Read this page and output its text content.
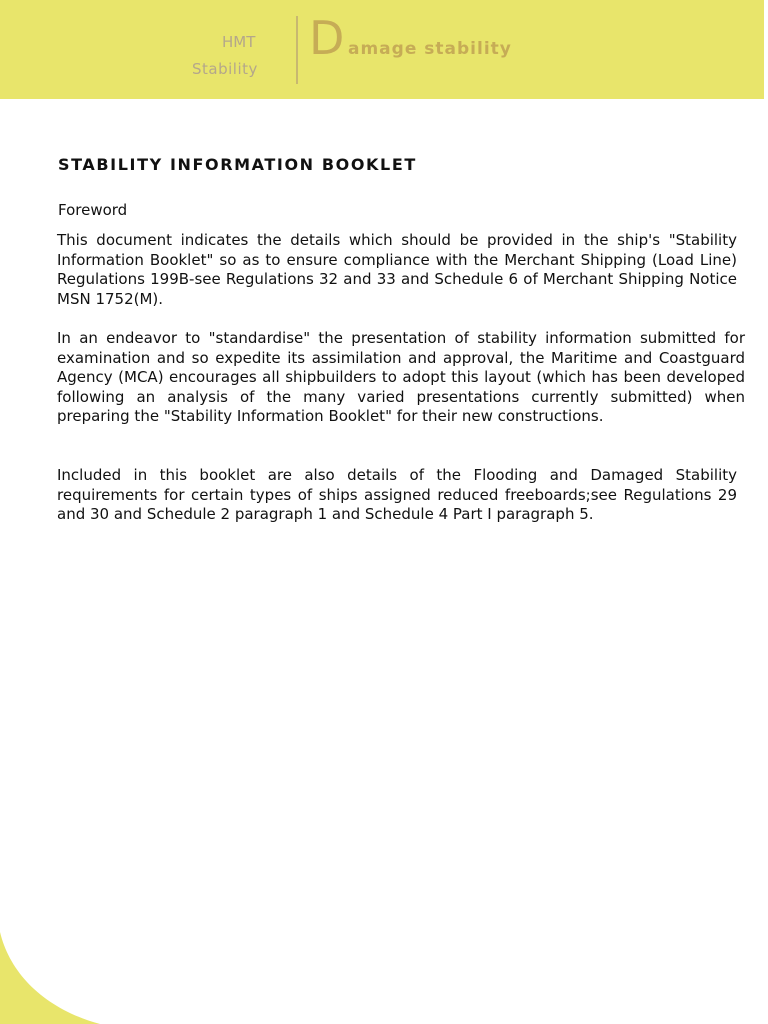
HMT
Stability
D amage stability
STABILITY INFORMATION BOOKLET
Foreword
This document indicates the details which should be provided in the ship's "Stability Information Booklet" so as to ensure compliance with the Merchant Shipping (Load Line) Regulations 199B-see Regulations 32 and 33 and Schedule 6 of Merchant Shipping Notice MSN 1752(M).
In an endeavor to "standardise" the presentation of stability information submitted for examination and so expedite its assimilation and approval, the Maritime and Coastguard Agency (MCA) encourages all shipbuilders to adopt this layout (which has been developed following an analysis of the many varied presentations currently submitted) when preparing the "Stability Information Booklet" for their new constructions.
Included in this booklet are also details of the Flooding and Damaged Stability requirements for certain types of ships assigned reduced freeboards;see Regulations 29 and 30 and Schedule 2 paragraph 1 and Schedule 4 Part I paragraph 5.
